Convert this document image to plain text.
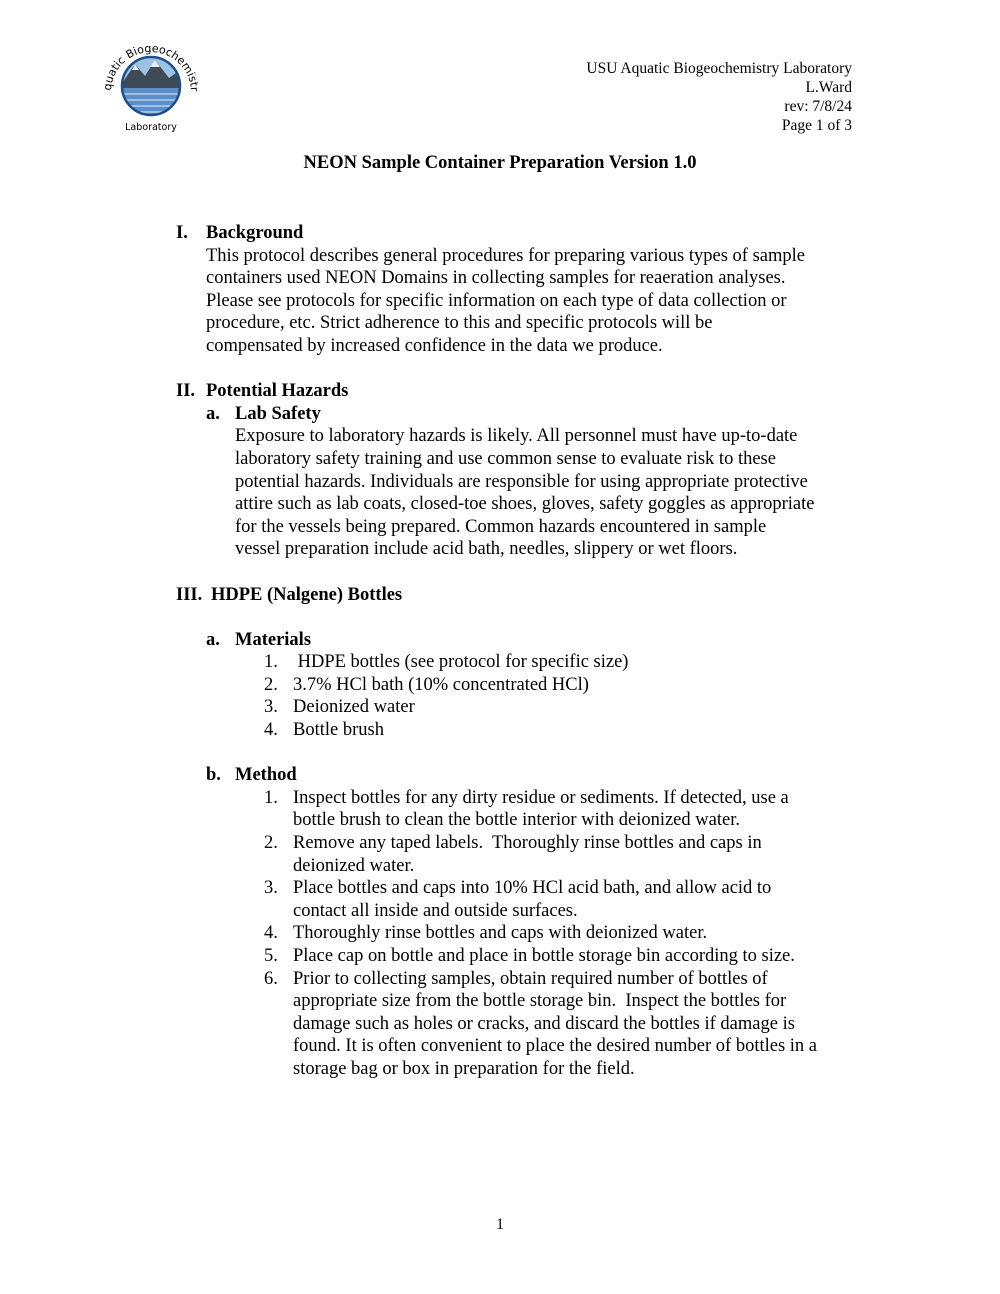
quatic Biogeochemistr
Laboratory
USU Aquatic Biogeochemistry Laboratory
L.Ward
rev: 7/8/24
Page 1 of 3
NEON Sample Container Preparation Version 1.0
I. Background
This protocol describes general procedures for preparing various types of sample
containers used NEON Domains in collecting samples for reaeration analyses.
Please see protocols for specific information on each type of data collection or
procedure, etc. Strict adherence to this and specific protocols will be
compensated by increased confidence in the data we produce.
II. Potential Hazards
a. Lab Safety
Exposure to laboratory hazards is likely. All personnel must have up-to-date
laboratory safety training and use common sense to evaluate risk to these
potential hazards. Individuals are responsible for using appropriate protective
attire such as lab coats, closed-toe shoes, gloves, safety goggles as appropriate
for the vessels being prepared. Common hazards encountered in sample
vessel preparation include acid bath, needles, slippery or wet floors.
III. HDPE (Nalgene) Bottles
a. Materials
1. HDPE bottles (see protocol for specific size)
2. 3.7% HCl bath (10% concentrated HCl)
3. Deionized water
4. Bottle brush
b. Method
1. Inspect bottles for any dirty residue or sediments. If detected, use a
bottle brush to clean the bottle interior with deionized water.
2. Remove any taped labels.  Thoroughly rinse bottles and caps in
deionized water.
3. Place bottles and caps into 10% HCl acid bath, and allow acid to
contact all inside and outside surfaces.
4. Thoroughly rinse bottles and caps with deionized water.
5. Place cap on bottle and place in bottle storage bin according to size.
6. Prior to collecting samples, obtain required number of bottles of
appropriate size from the bottle storage bin.  Inspect the bottles for
damage such as holes or cracks, and discard the bottles if damage is
found. It is often convenient to place the desired number of bottles in a
storage bag or box in preparation for the field.
1
